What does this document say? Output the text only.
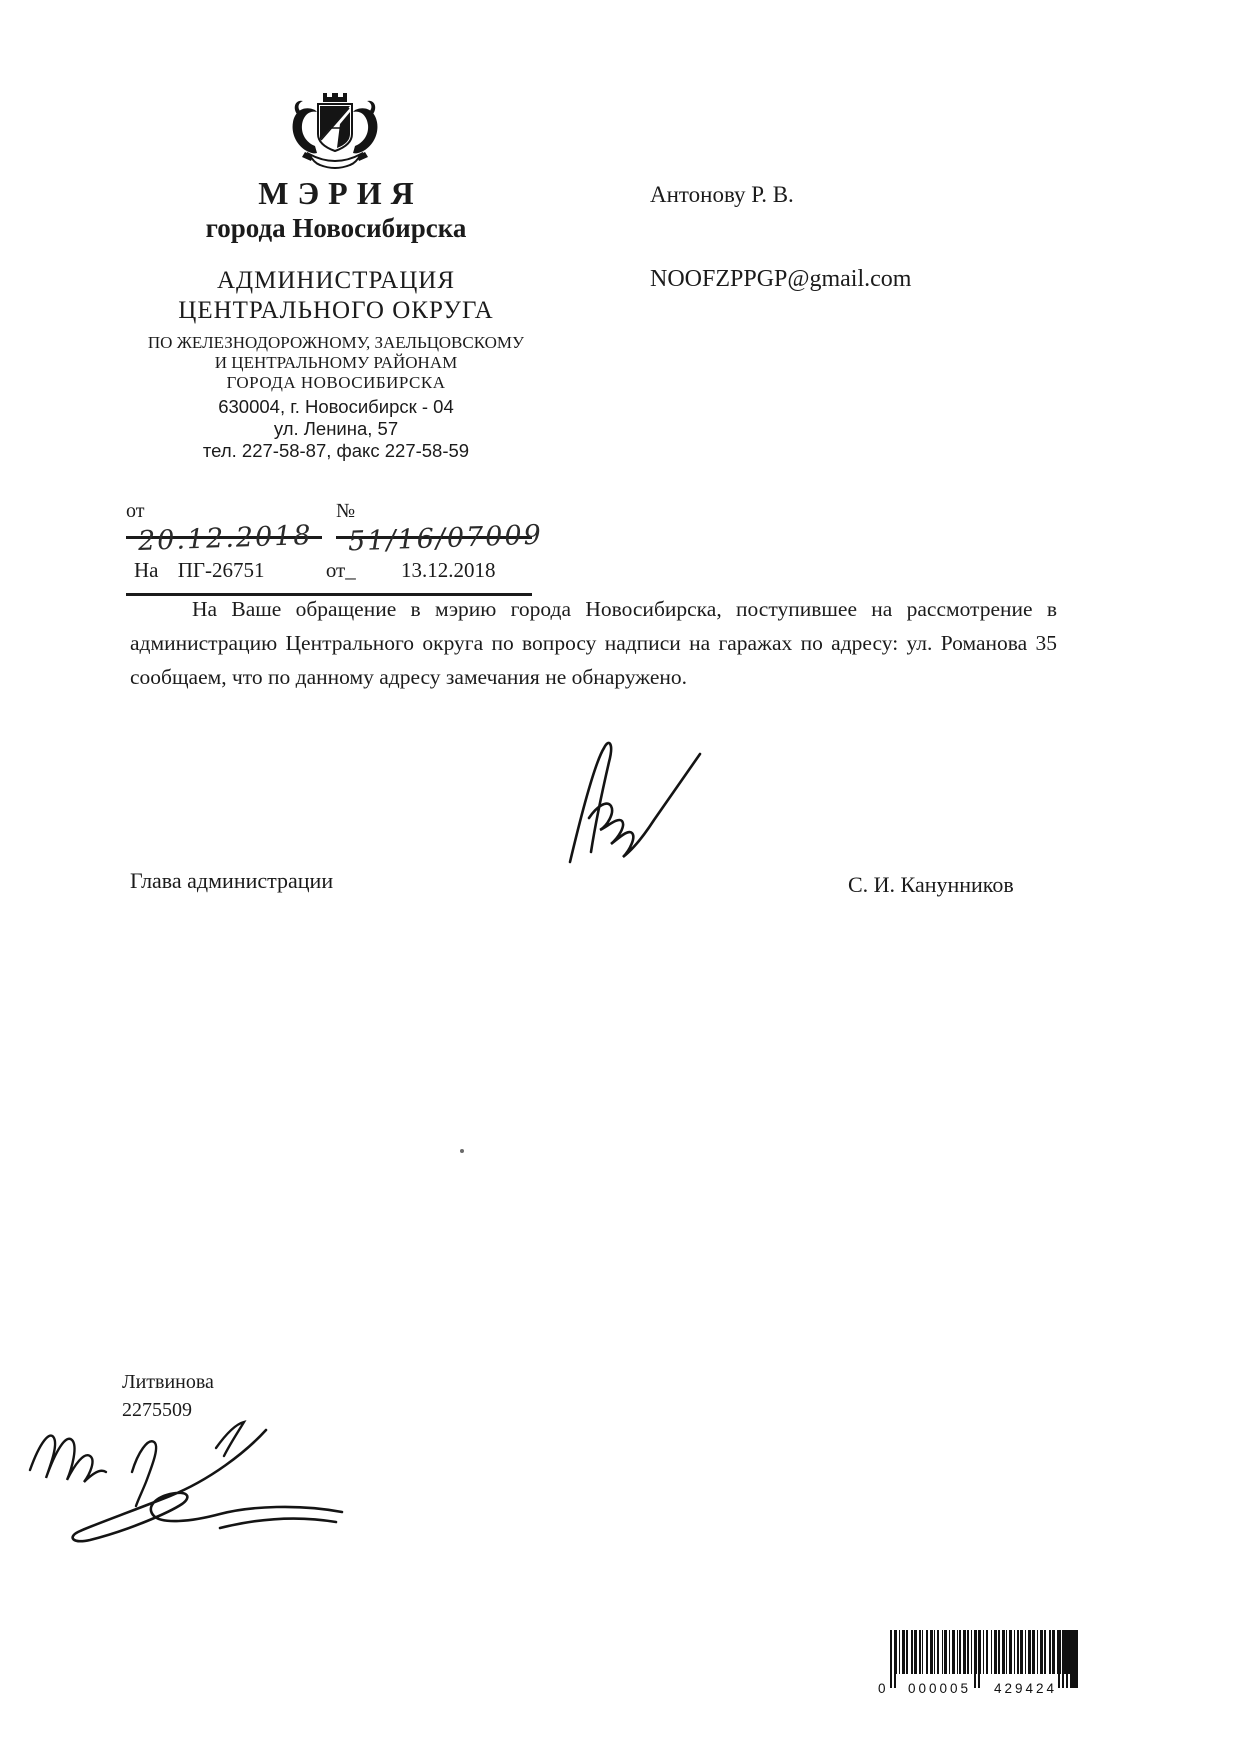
МЭРИЯ
города Новосибирска
АДМИНИСТРАЦИЯ
ЦЕНТРАЛЬНОГО ОКРУГА
ПО ЖЕЛЕЗНОДОРОЖНОМУ, ЗАЕЛЬЦОВСКОМУ
И ЦЕНТРАЛЬНОМУ РАЙОНАМ
ГОРОДА НОВОСИБИРСКА
630004, г. Новосибирск - 04
ул. Ленина, 57
тел. 227-58-87, факс 227-58-59
от20.12.2018№51/16/07009
На ПГ-26751	от_ 13.12.2018
Антонову Р. В.
NOOFZPPGP@gmail.com
На Ваше обращение в мэрию города Новосибирска, поступившее на рассмотрение в администрацию Центрального округа по вопросу надписи на гаражах по адресу: ул. Романова 35 сообщаем, что по данному адресу замечания не обнаружено.
Глава администрации	С. И. Канунников
Литвинова
2275509
0 000005 429424
